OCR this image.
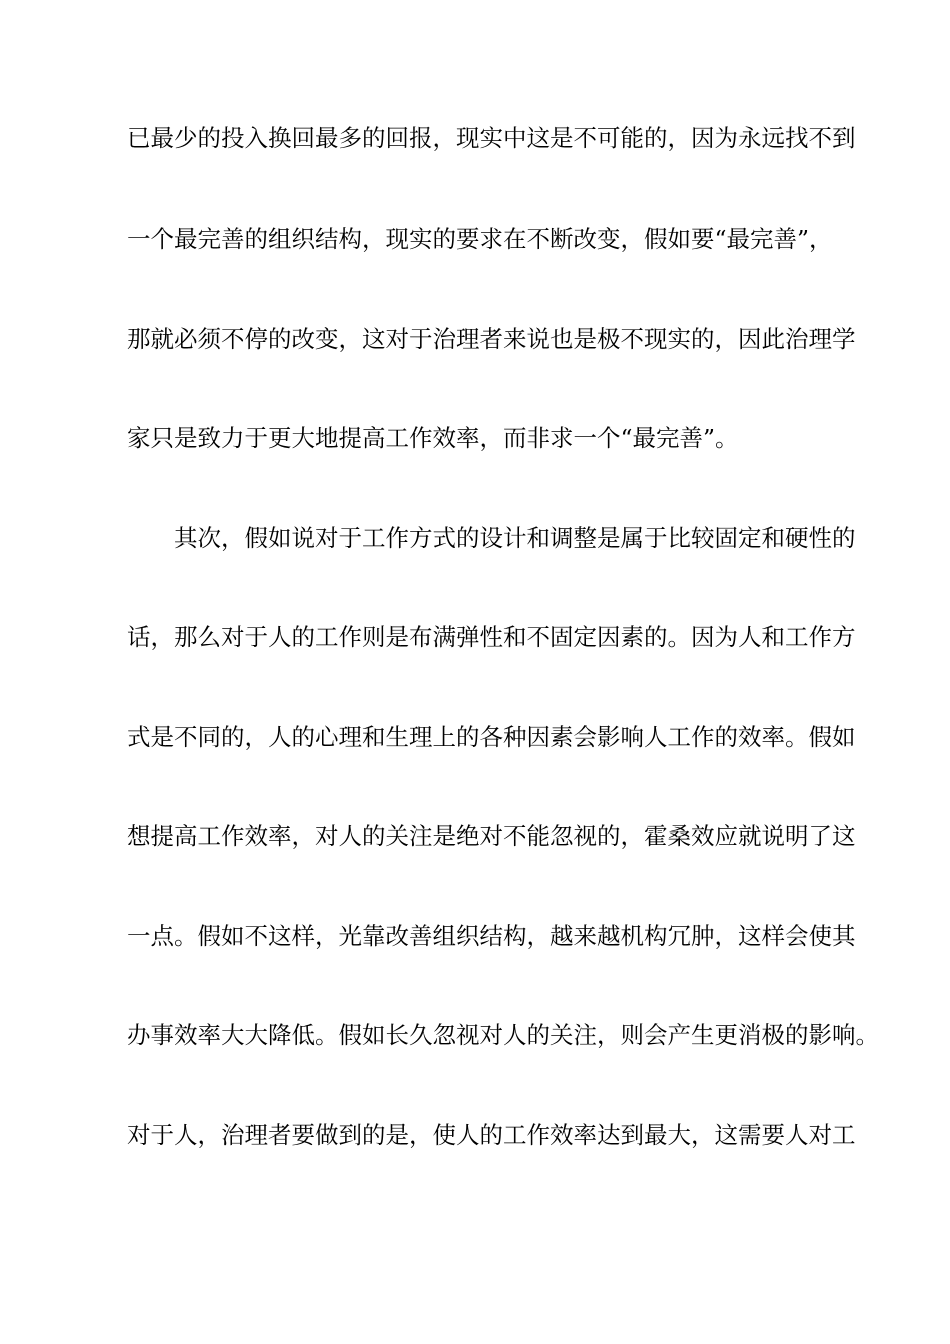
已最少的投入换回最多的回报，现实中这是不可能的，因为永远找不到
一个最完善的组织结构，现实的要求在不断改变，假如要“最完善”，
那就必须不停的改变，这对于治理者来说也是极不现实的，因此治理学
家只是致力于更大地提高工作效率，而非求一个“最完善”。
其次，假如说对于工作方式的设计和调整是属于比较固定和硬性的
话，那么对于人的工作则是布满弹性和不固定因素的。因为人和工作方
式是不同的，人的心理和生理上的各种因素会影响人工作的效率。假如
想提高工作效率，对人的关注是绝对不能忽视的，霍桑效应就说明了这
一点。假如不这样，光靠改善组织结构，越来越机构冗肿，这样会使其
办事效率大大降低。假如长久忽视对人的关注，则会产生更消极的影响。
对于人，治理者要做到的是，使人的工作效率达到最大，这需要人对工
